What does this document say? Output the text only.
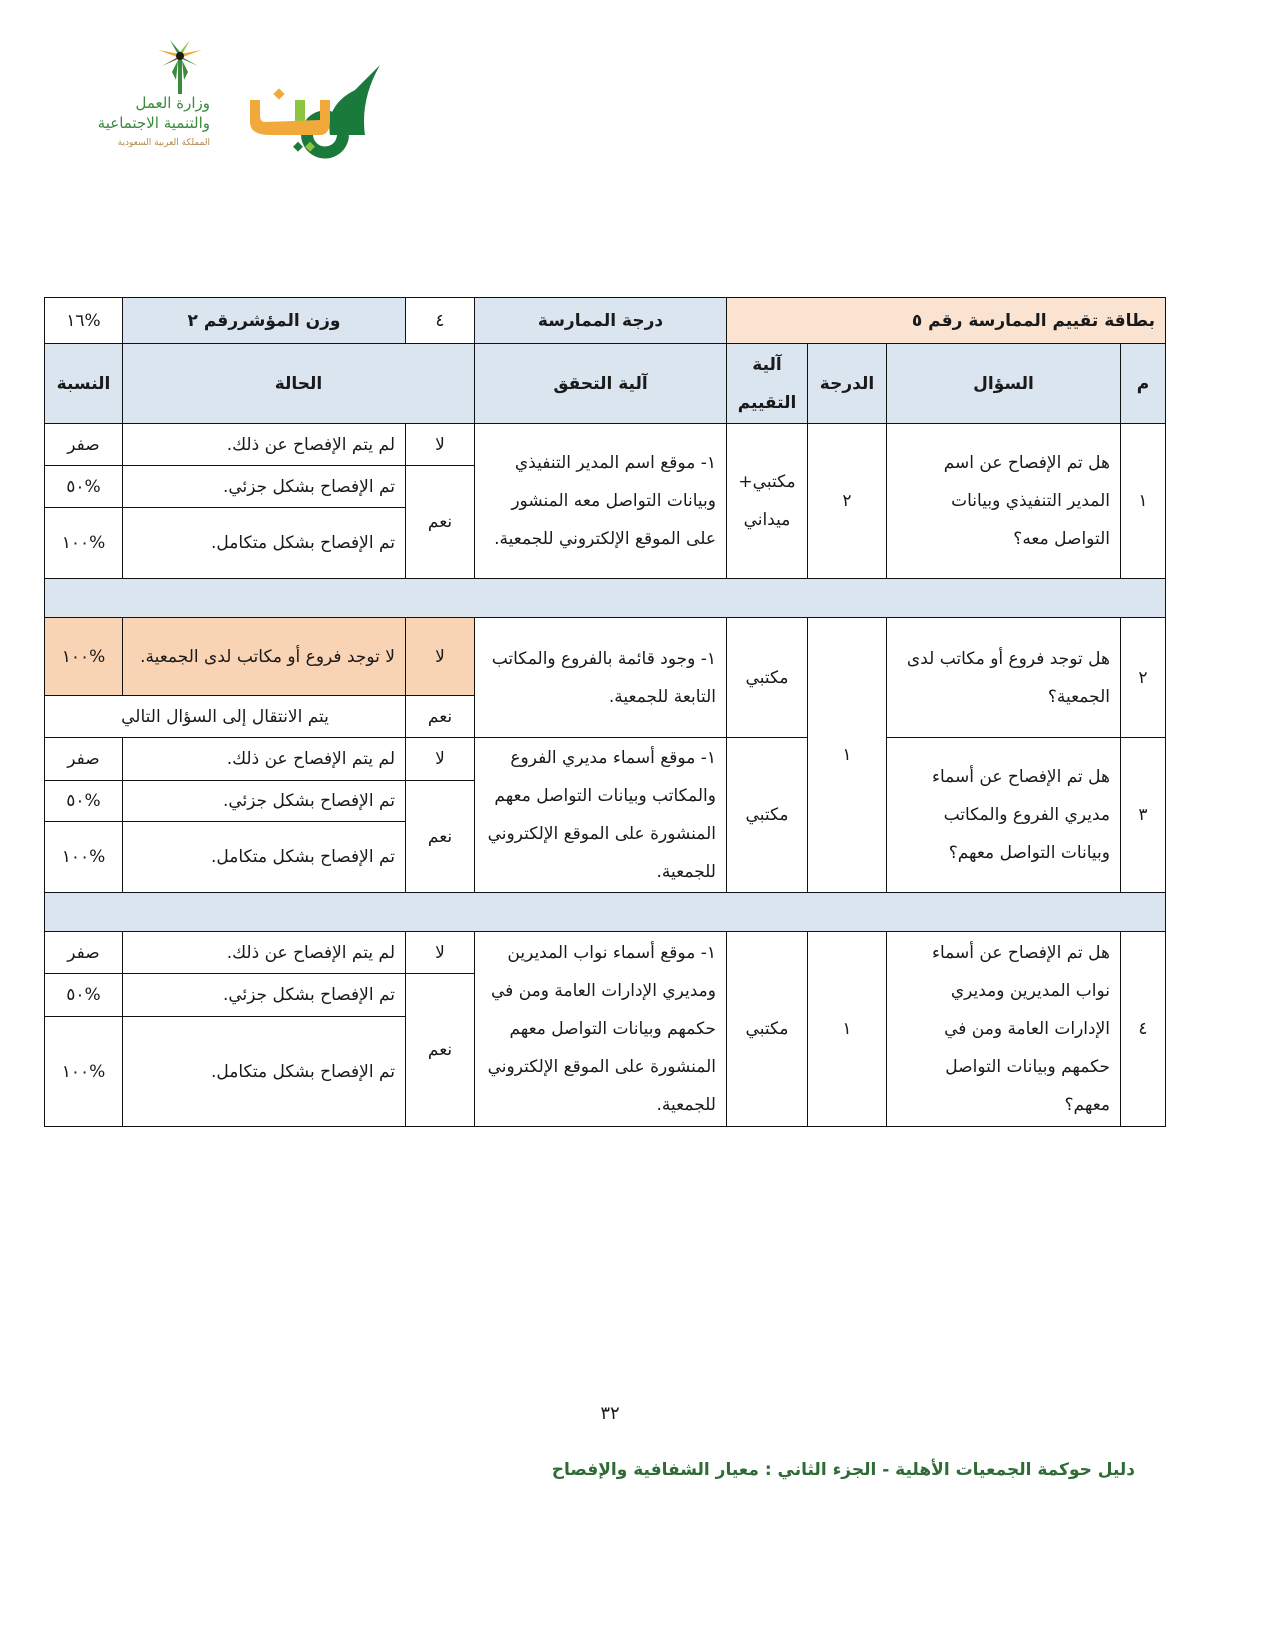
وزارة العمل
والتنمية الاجتماعية
المملكة العربية السعودية
بطاقة تقييم الممارسة رقم ٥				درجة الممارسة	٤	وزن المؤشررقم ٢	%١٦
م	السؤال	الدرجة	آلية التقييم	آلية التحقق	الحالة		النسبة
١	هل تم الإفصاح عن اسم المدير التنفيذي وبيانات التواصل معه؟	٢	مكتبي+ ميداني	١- موقع اسم المدير التنفيذي وبيانات التواصل معه المنشور على الموقع الإلكتروني للجمعية.	لا	لم يتم الإفصاح عن ذلك.	صفر
					نعم	تم الإفصاح بشكل جزئي.	%٥٠
						تم الإفصاح بشكل متكامل.	%١٠٠

٢	هل توجد فروع أو مكاتب لدى الجمعية؟	١	مكتبي	١- وجود قائمة بالفروع والمكاتب التابعة للجمعية.	لا	لا توجد فروع أو مكاتب لدى الجمعية.	%١٠٠
					نعم	يتم الانتقال إلى السؤال التالي	
٣	هل تم الإفصاح عن أسماء مديري الفروع والمكاتب وبيانات التواصل معهم؟		مكتبي	١- موقع أسماء مديري الفروع والمكاتب وبيانات التواصل معهم المنشورة على الموقع الإلكتروني للجمعية.	لا	لم يتم الإفصاح عن ذلك.	صفر
					نعم	تم الإفصاح بشكل جزئي.	%٥٠
						تم الإفصاح بشكل متكامل.	%١٠٠

٤	هل تم الإفصاح عن أسماء نواب المديرين ومديري الإدارات العامة ومن في حكمهم وبيانات التواصل معهم؟	١	مكتبي	١- موقع أسماء نواب المديرين ومديري الإدارات العامة ومن في حكمهم وبيانات التواصل معهم المنشورة على الموقع الإلكتروني للجمعية.	لا	لم يتم الإفصاح عن ذلك.	صفر
					نعم	تم الإفصاح بشكل جزئي.	%٥٠
						تم الإفصاح بشكل متكامل.	%١٠٠
٣٢
دليل حوكمة الجمعيات الأهلية - الجزء الثاني : معيار الشفافية والإفصاح
